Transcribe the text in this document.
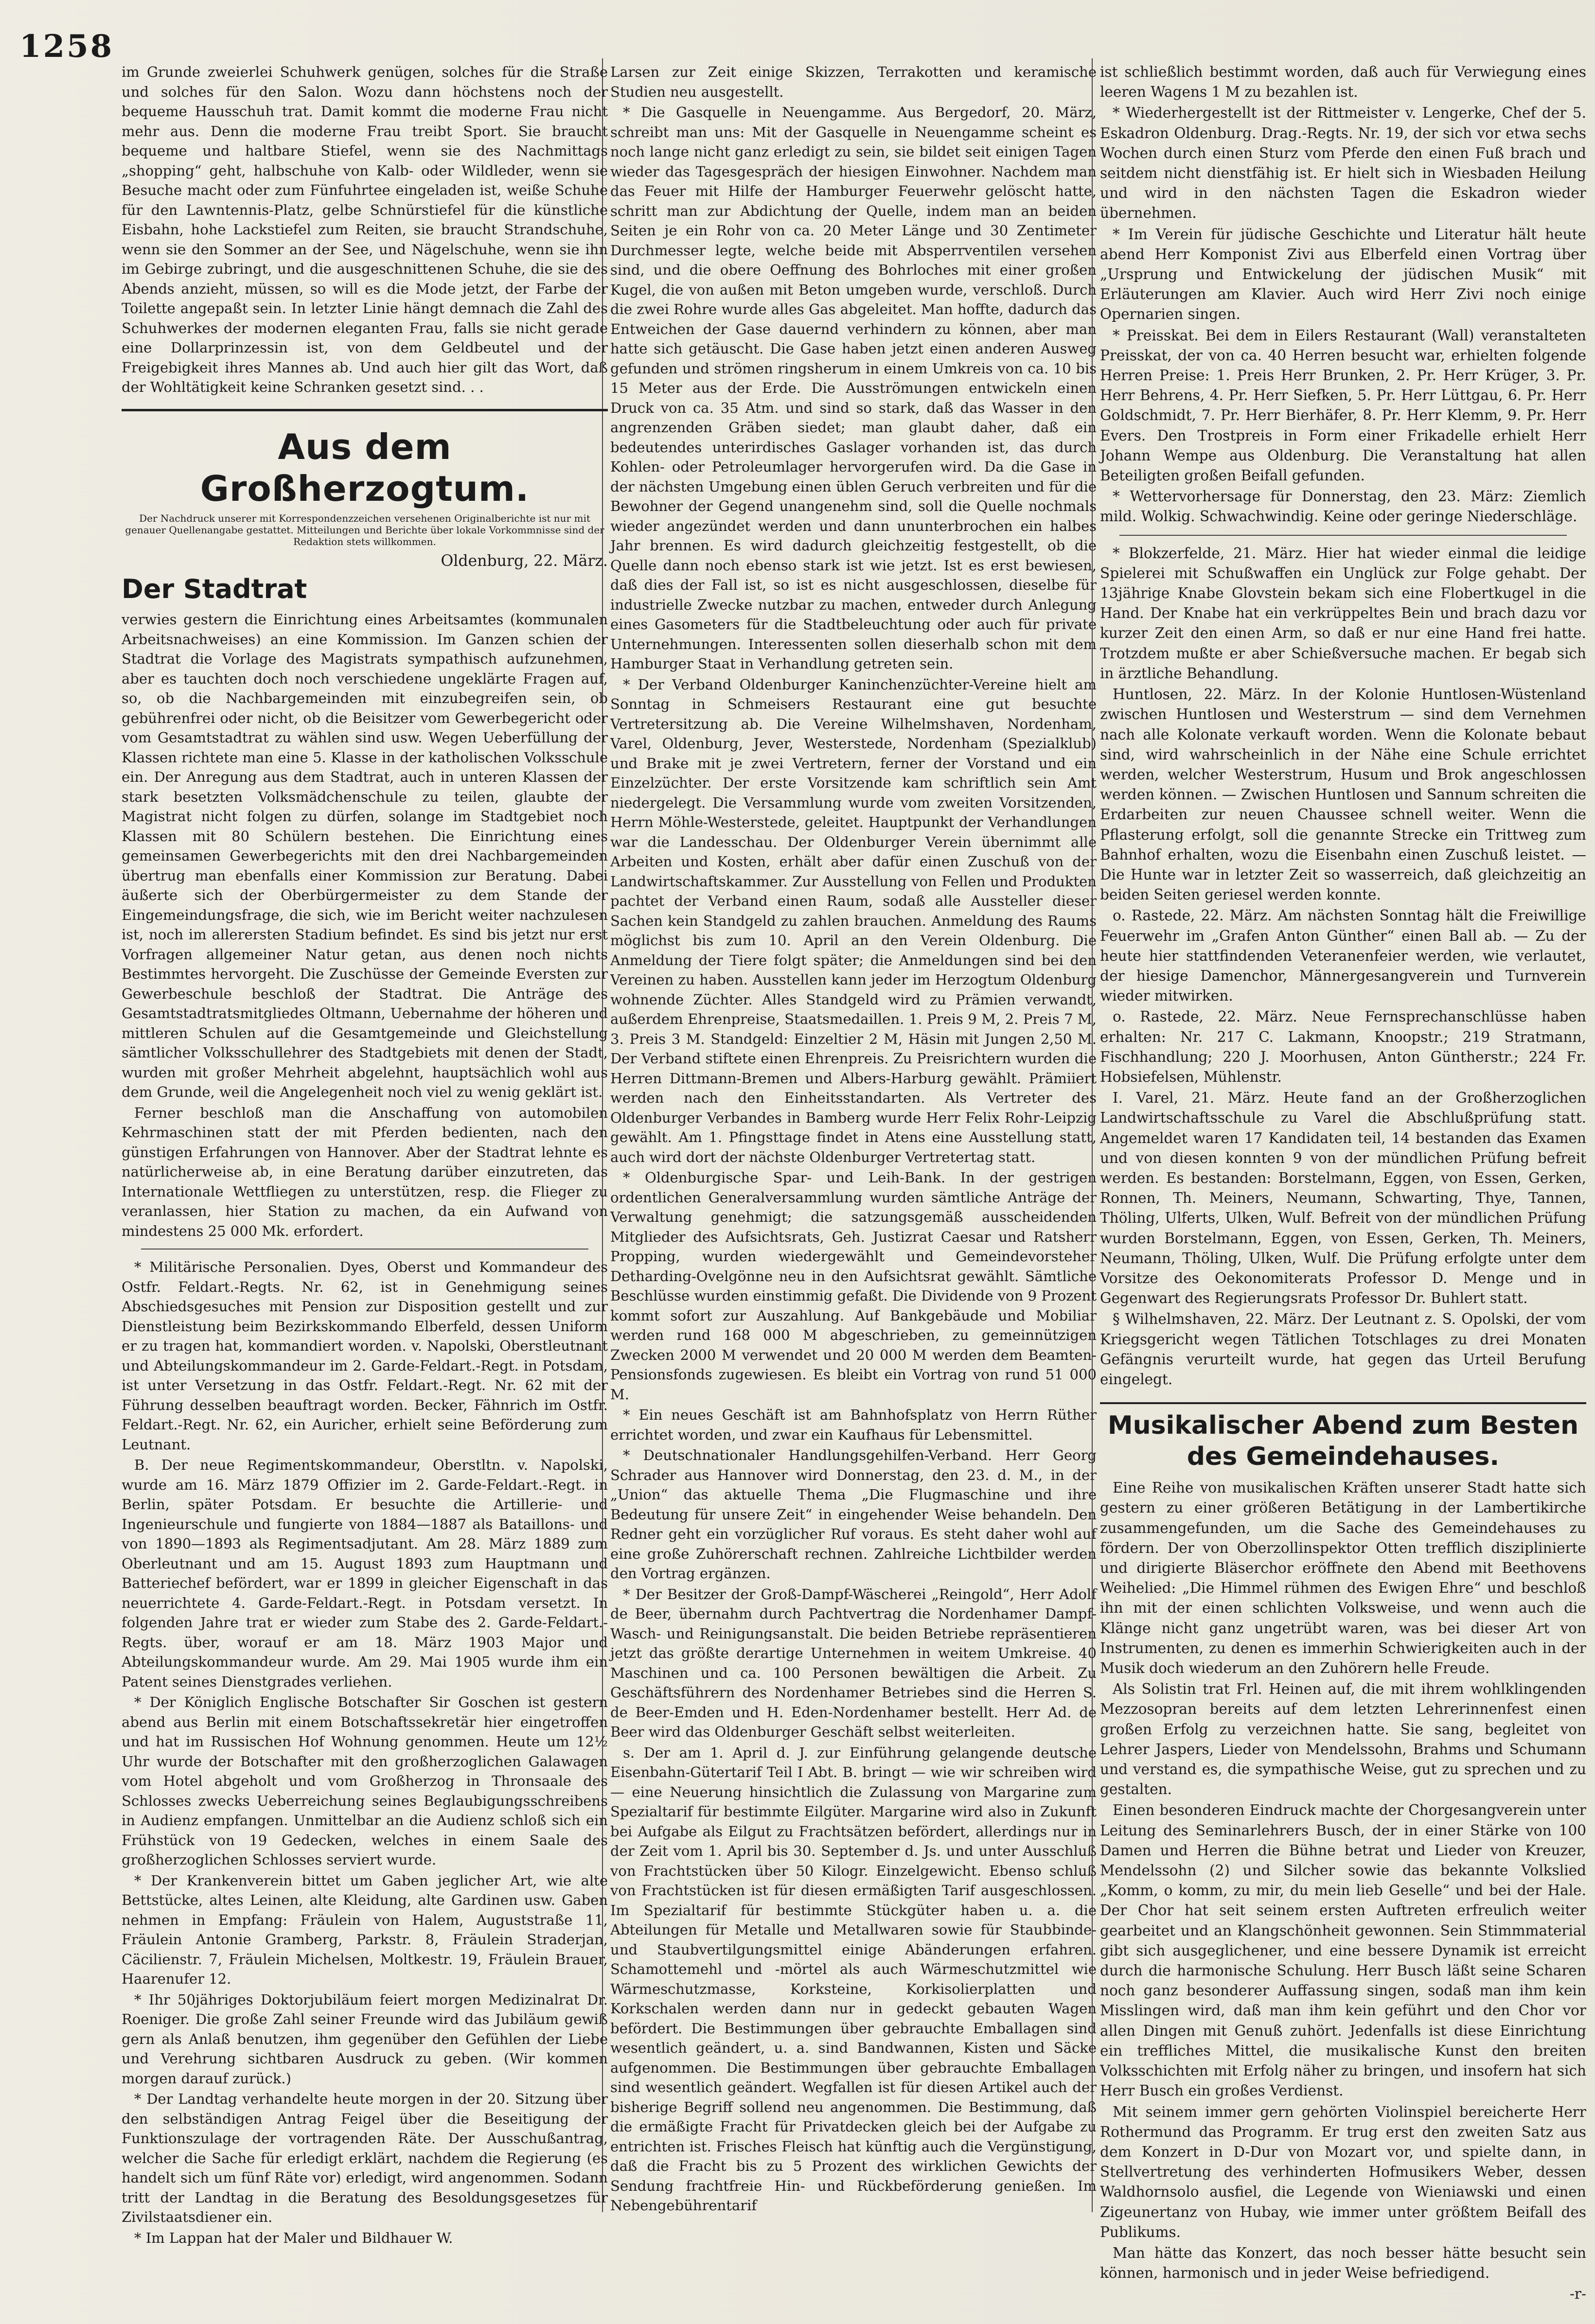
1258

im Grunde zweierlei Schuhwerk genügen, solches für die Straße und solches für den Salon. Wozu dann höchstens noch der bequeme Hausschuh trat. Damit kommt die moderne Frau nicht mehr aus. Denn die moderne Frau treibt Sport. Sie braucht bequeme und haltbare Stiefel, wenn sie des Nachmittags „shopping“ geht, halbschuhe von Kalb- oder Wildleder, wenn sie Besuche macht oder zum Fünfuhrtee eingeladen ist, weiße Schuhe für den Lawntennis-Platz, gelbe Schnürstiefel für die künstliche Eisbahn, hohe Lackstiefel zum Reiten, sie braucht Strandschuhe, wenn sie den Sommer an der See, und Nägelschuhe, wenn sie ihn im Gebirge zubringt, und die ausgeschnittenen Schuhe, die sie des Abends anzieht, müssen, so will es die Mode jetzt, der Farbe der Toilette angepaßt sein. In letzter Linie hängt demnach die Zahl des Schuhwerkes der modernen eleganten Frau, falls sie nicht gerade eine Dollarprinzessin ist, von dem Geldbeutel und der Freigebigkeit ihres Mannes ab. Und auch hier gilt das Wort, daß der Wohltätigkeit keine Schranken gesetzt sind. . .

Aus dem Großherzogtum.
Der Nachdruck unserer mit Korrespondenzzeichen versehenen Originalberichte ist nur mit genauer Quellenangabe gestattet. Mitteilungen und Berichte über lokale Vorkommnisse sind der Redaktion stets willkommen.
Oldenburg, 22. März.
Der Stadtrat

verwies gestern die Einrichtung eines Arbeitsamtes (kommunalen Arbeitsnachweises) an eine Kommission. Im Ganzen schien der Stadtrat die Vorlage des Magistrats sympathisch aufzunehmen, aber es tauchten doch noch verschiedene ungeklärte Fragen auf, so, ob die Nachbargemeinden mit einzubegreifen sein, ob gebührenfrei oder nicht, ob die Beisitzer vom Gewerbegericht oder vom Gesamtstadtrat zu wählen sind usw. Wegen Ueberfüllung der Klassen richtete man eine 5. Klasse in der katholischen Volksschule ein. Der Anregung aus dem Stadtrat, auch in unteren Klassen der stark besetzten Volksmädchenschule zu teilen, glaubte der Magistrat nicht folgen zu dürfen, solange im Stadtgebiet noch Klassen mit 80 Schülern bestehen. Die Einrichtung eines gemeinsamen Gewerbegerichts mit den drei Nachbargemeinden übertrug man ebenfalls einer Kommission zur Beratung. Dabei äußerte sich der Oberbürgermeister zu dem Stande der Eingemeindungsfrage, die sich, wie im Bericht weiter nachzulesen ist, noch im allerersten Stadium befindet. Es sind bis jetzt nur erst Vorfragen allgemeiner Natur getan, aus denen noch nichts Bestimmtes hervorgeht. Die Zuschüsse der Gemeinde Eversten zur Gewerbeschule beschloß der Stadtrat. Die Anträge des Gesamtstadtratsmitgliedes Oltmann, Uebernahme der höheren und mittleren Schulen auf die Gesamtgemeinde und Gleichstellung sämtlicher Volksschullehrer des Stadtgebiets mit denen der Stadt, wurden mit großer Mehrheit abgelehnt, hauptsächlich wohl aus dem Grunde, weil die Angelegenheit noch viel zu wenig geklärt ist.

Ferner beschloß man die Anschaffung von automobilen Kehrmaschinen statt der mit Pferden bedienten, nach den günstigen Erfahrungen von Hannover. Aber der Stadtrat lehnte es natürlicherweise ab, in eine Beratung darüber einzutreten, das Internationale Wettfliegen zu unterstützen, resp. die Flieger zu veranlassen, hier Station zu machen, da ein Aufwand von mindestens 25 000 Mk. erfordert.

* Militärische Personalien. Dyes, Oberst und Kommandeur des Ostfr. Feldart.-Regts. Nr. 62, ist in Genehmigung seines Abschiedsgesuches mit Pension zur Disposition gestellt und zur Dienstleistung beim Bezirkskommando Elberfeld, dessen Uniform er zu tragen hat, kommandiert worden. v. Napolski, Oberstleutnant und Abteilungskommandeur im 2. Garde-Feldart.-Regt. in Potsdam, ist unter Versetzung in das Ostfr. Feldart.-Regt. Nr. 62 mit der Führung desselben beauftragt worden. Becker, Fähnrich im Ostfr. Feldart.-Regt. Nr. 62, ein Auricher, erhielt seine Beförderung zum Leutnant.

B. Der neue Regimentskommandeur, Oberstltn. v. Napolski, wurde am 16. März 1879 Offizier im 2. Garde-Feldart.-Regt. in Berlin, später Potsdam. Er besuchte die Artillerie- und Ingenieurschule und fungierte von 1884—1887 als Bataillons- und von 1890—1893 als Regimentsadjutant. Am 28. März 1889 zum Oberleutnant und am 15. August 1893 zum Hauptmann und Batteriechef befördert, war er 1899 in gleicher Eigenschaft in das neuerrichtete 4. Garde-Feldart.-Regt. in Potsdam versetzt. In folgenden Jahre trat er wieder zum Stabe des 2. Garde-Feldart.-Regts. über, worauf er am 18. März 1903 Major und Abteilungskommandeur wurde. Am 29. Mai 1905 wurde ihm ein Patent seines Dienstgrades verliehen.

* Der Königlich Englische Botschafter Sir Goschen ist gestern abend aus Berlin mit einem Botschaftssekretär hier eingetroffen und hat im Russischen Hof Wohnung genommen. Heute um 12½ Uhr wurde der Botschafter mit den großherzoglichen Galawagen vom Hotel abgeholt und vom Großherzog in Thronsaale des Schlosses zwecks Ueberreichung seines Beglaubigungsschreibens in Audienz empfangen. Unmittelbar an die Audienz schloß sich ein Frühstück von 19 Gedecken, welches in einem Saale des großherzoglichen Schlosses serviert wurde.

* Der Krankenverein bittet um Gaben jeglicher Art, wie alte Bettstücke, altes Leinen, alte Kleidung, alte Gardinen usw. Gaben nehmen in Empfang: Fräulein von Halem, Auguststraße 11, Fräulein Antonie Gramberg, Parkstr. 8, Fräulein Straderjan, Cäcilienstr. 7, Fräulein Michelsen, Moltkestr. 19, Fräulein Brauer, Haarenufer 12.

* Ihr 50jähriges Doktorjubiläum feiert morgen Medizinalrat Dr. Roeniger. Die große Zahl seiner Freunde wird das Jubiläum gewiß gern als Anlaß benutzen, ihm gegenüber den Gefühlen der Liebe und Verehrung sichtbaren Ausdruck zu geben. (Wir kommen morgen darauf zurück.)

* Der Landtag verhandelte heute morgen in der 20. Sitzung über den selbständigen Antrag Feigel über die Beseitigung der Funktionszulage der vortragenden Räte. Der Ausschußantrag, welcher die Sache für erledigt erklärt, nachdem die Regierung (es handelt sich um fünf Räte vor) erledigt, wird angenommen. Sodann tritt der Landtag in die Beratung des Besoldungsgesetzes für Zivilstaatsdiener ein.

* Im Lappan hat der Maler und Bildhauer W.

Larsen zur Zeit einige Skizzen, Terrakotten und keramische Studien neu ausgestellt.

* Die Gasquelle in Neuengamme. Aus Bergedorf, 20. März, schreibt man uns: Mit der Gasquelle in Neuengamme scheint es noch lange nicht ganz erledigt zu sein, sie bildet seit einigen Tagen wieder das Tagesgespräch der hiesigen Einwohner. Nachdem man das Feuer mit Hilfe der Hamburger Feuerwehr gelöscht hatte, schritt man zur Abdichtung der Quelle, indem man an beiden Seiten je ein Rohr von ca. 20 Meter Länge und 30 Zentimeter Durchmesser legte, welche beide mit Absperrventilen versehen sind, und die obere Oeffnung des Bohrloches mit einer großen Kugel, die von außen mit Beton umgeben wurde, verschloß. Durch die zwei Rohre wurde alles Gas abgeleitet. Man hoffte, dadurch das Entweichen der Gase dauernd verhindern zu können, aber man hatte sich getäuscht. Die Gase haben jetzt einen anderen Ausweg gefunden und strömen ringsherum in einem Umkreis von ca. 10 bis 15 Meter aus der Erde. Die Ausströmungen entwickeln einen Druck von ca. 35 Atm. und sind so stark, daß das Wasser in den angrenzenden Gräben siedet; man glaubt daher, daß ein bedeutendes unterirdisches Gaslager vorhanden ist, das durch Kohlen- oder Petroleumlager hervorgerufen wird. Da die Gase in der nächsten Umgebung einen üblen Geruch verbreiten und für die Bewohner der Gegend unangenehm sind, soll die Quelle nochmals wieder angezündet werden und dann ununterbrochen ein halbes Jahr brennen. Es wird dadurch gleichzeitig festgestellt, ob die Quelle dann noch ebenso stark ist wie jetzt. Ist es erst bewiesen, daß dies der Fall ist, so ist es nicht ausgeschlossen, dieselbe für industrielle Zwecke nutzbar zu machen, entweder durch Anlegung eines Gasometers für die Stadtbeleuchtung oder auch für private Unternehmungen. Interessenten sollen dieserhalb schon mit dem Hamburger Staat in Verhandlung getreten sein.

* Der Verband Oldenburger Kaninchenzüchter-Vereine hielt am Sonntag in Schmeisers Restaurant eine gut besuchte Vertretersitzung ab. Die Vereine Wilhelmshaven, Nordenham, Varel, Oldenburg, Jever, Westerstede, Nordenham (Spezialklub) und Brake mit je zwei Vertretern, ferner der Vorstand und ein Einzelzüchter. Der erste Vorsitzende kam schriftlich sein Amt niedergelegt. Die Versammlung wurde vom zweiten Vorsitzenden, Herrn Möhle-Westerstede, geleitet. Hauptpunkt der Verhandlungen war die Landesschau. Der Oldenburger Verein übernimmt alle Arbeiten und Kosten, erhält aber dafür einen Zuschuß von der Landwirtschaftskammer. Zur Ausstellung von Fellen und Produkten pachtet der Verband einen Raum, sodaß alle Aussteller dieser Sachen kein Standgeld zu zahlen brauchen. Anmeldung des Raums möglichst bis zum 10. April an den Verein Oldenburg. Die Anmeldung der Tiere folgt später; die Anmeldungen sind bei den Vereinen zu haben. Ausstellen kann jeder im Herzogtum Oldenburg wohnende Züchter. Alles Standgeld wird zu Prämien verwandt, außerdem Ehrenpreise, Staatsmedaillen. 1. Preis 9 M, 2. Preis 7 M, 3. Preis 3 M. Standgeld: Einzeltier 2 M, Häsin mit Jungen 2,50 M. Der Verband stiftete einen Ehrenpreis. Zu Preisrichtern wurden die Herren Dittmann-Bremen und Albers-Harburg gewählt. Prämiiert werden nach den Einheitsstandarten. Als Vertreter des Oldenburger Verbandes in Bamberg wurde Herr Felix Rohr-Leipzig gewählt. Am 1. Pfingsttage findet in Atens eine Ausstellung statt, auch wird dort der nächste Oldenburger Vertretertag statt.

* Oldenburgische Spar- und Leih-Bank. In der gestrigen ordentlichen Generalversammlung wurden sämtliche Anträge der Verwaltung genehmigt; die satzungsgemäß ausscheidenden Mitglieder des Aufsichtsrats, Geh. Justizrat Caesar und Ratsherr Propping, wurden wiedergewählt und Gemeindevorsteher Detharding-Ovelgönne neu in den Aufsichtsrat gewählt. Sämtliche Beschlüsse wurden einstimmig gefaßt. Die Dividende von 9 Prozent kommt sofort zur Auszahlung. Auf Bankgebäude und Mobiliar werden rund 168 000 M abgeschrieben, zu gemeinnützigen Zwecken 2000 M verwendet und 20 000 M werden dem Beamten-Pensionsfonds zugewiesen. Es bleibt ein Vortrag von rund 51 000 M.

* Ein neues Geschäft ist am Bahnhofsplatz von Herrn Rüther errichtet worden, und zwar ein Kaufhaus für Lebensmittel.

* Deutschnationaler Handlungsgehilfen-Verband. Herr Georg Schrader aus Hannover wird Donnerstag, den 23. d. M., in der „Union“ das aktuelle Thema „Die Flugmaschine und ihre Bedeutung für unsere Zeit“ in eingehender Weise behandeln. Den Redner geht ein vorzüglicher Ruf voraus. Es steht daher wohl auf eine große Zuhörerschaft rechnen. Zahlreiche Lichtbilder werden den Vortrag ergänzen.

* Der Besitzer der Groß-Dampf-Wäscherei „Reingold“, Herr Adolf de Beer, übernahm durch Pachtvertrag die Nordenhamer Dampf-Wasch- und Reinigungsanstalt. Die beiden Betriebe repräsentieren jetzt das größte derartige Unternehmen in weitem Umkreise. 40 Maschinen und ca. 100 Personen bewältigen die Arbeit. Zu Geschäftsführern des Nordenhamer Betriebes sind die Herren S. de Beer-Emden und H. Eden-Nordenhamer bestellt. Herr Ad. de Beer wird das Oldenburger Geschäft selbst weiterleiten.

s. Der am 1. April d. J. zur Einführung gelangende deutsche Eisenbahn-Gütertarif Teil I Abt. B. bringt — wie wir schreiben wird — eine Neuerung hinsichtlich die Zulassung von Margarine zum Spezialtarif für bestimmte Eilgüter. Margarine wird also in Zukunft bei Aufgabe als Eilgut zu Frachtsätzen befördert, allerdings nur in der Zeit vom 1. April bis 30. September d. Js. und unter Ausschluß von Frachtstücken über 50 Kilogr. Einzelgewicht. Ebenso schluß von Frachtstücken ist für diesen ermäßigten Tarif ausgeschlossen. Im Spezialtarif für bestimmte Stückgüter haben u. a. die Abteilungen für Metalle und Metallwaren sowie für Staubbinde- und Staubvertilgungsmittel einige Abänderungen erfahren. Schamottemehl und -mörtel als auch Wärmeschutzmittel wie Wärmeschutzmasse, Korksteine, Korkisolierplatten und Korkschalen werden dann nur in gedeckt gebauten Wagen befördert. Die Bestimmungen über gebrauchte Emballagen sind wesentlich geändert, u. a. sind Bandwannen, Kisten und Säcke aufgenommen. Die Bestimmungen über gebrauchte Emballagen sind wesentlich geändert. Wegfallen ist für diesen Artikel auch der bisherige Begriff sollend neu angenommen. Die Bestimmung, daß die ermäßigte Fracht für Privatdecken gleich bei der Aufgabe zu entrichten ist. Frisches Fleisch hat künftig auch die Vergünstigung, daß die Fracht bis zu 5 Prozent des wirklichen Gewichts der Sendung frachtfreie Hin- und Rückbeförderung genießen. Im Nebengebührentarif

ist schließlich bestimmt worden, daß auch für Verwiegung eines leeren Wagens 1 M zu bezahlen ist.

* Wiederhergestellt ist der Rittmeister v. Lengerke, Chef der 5. Eskadron Oldenburg. Drag.-Regts. Nr. 19, der sich vor etwa sechs Wochen durch einen Sturz vom Pferde den einen Fuß brach und seitdem nicht dienstfähig ist. Er hielt sich in Wiesbaden Heilung und wird in den nächsten Tagen die Eskadron wieder übernehmen.

* Im Verein für jüdische Geschichte und Literatur hält heute abend Herr Komponist Zivi aus Elberfeld einen Vortrag über „Ursprung und Entwickelung der jüdischen Musik“ mit Erläuterungen am Klavier. Auch wird Herr Zivi noch einige Opernarien singen.

* Preisskat. Bei dem in Eilers Restaurant (Wall) veranstalteten Preisskat, der von ca. 40 Herren besucht war, erhielten folgende Herren Preise: 1. Preis Herr Brunken, 2. Pr. Herr Krüger, 3. Pr. Herr Behrens, 4. Pr. Herr Siefken, 5. Pr. Herr Lüttgau, 6. Pr. Herr Goldschmidt, 7. Pr. Herr Bierhäfer, 8. Pr. Herr Klemm, 9. Pr. Herr Evers. Den Trostpreis in Form einer Frikadelle erhielt Herr Johann Wempe aus Oldenburg. Die Veranstaltung hat allen Beteiligten großen Beifall gefunden.

* Wettervorhersage für Donnerstag, den 23. März: Ziemlich mild. Wolkig. Schwachwindig. Keine oder geringe Niederschläge.

* Blokzerfelde, 21. März. Hier hat wieder einmal die leidige Spielerei mit Schußwaffen ein Unglück zur Folge gehabt. Der 13jährige Knabe Glovstein bekam sich eine Flobertkugel in die Hand. Der Knabe hat ein verkrüppeltes Bein und brach dazu vor kurzer Zeit den einen Arm, so daß er nur eine Hand frei hatte. Trotzdem mußte er aber Schießversuche machen. Er begab sich in ärztliche Behandlung.

Huntlosen, 22. März. In der Kolonie Huntlosen-Wüstenland zwischen Huntlosen und Westerstrum — sind dem Vernehmen nach alle Kolonate verkauft worden. Wenn die Kolonate bebaut sind, wird wahrscheinlich in der Nähe eine Schule errichtet werden, welcher Westerstrum, Husum und Brok angeschlossen werden können. — Zwischen Huntlosen und Sannum schreiten die Erdarbeiten zur neuen Chaussee schnell weiter. Wenn die Pflasterung erfolgt, soll die genannte Strecke ein Trittweg zum Bahnhof erhalten, wozu die Eisenbahn einen Zuschuß leistet. — Die Hunte war in letzter Zeit so wasserreich, daß gleichzeitig an beiden Seiten geriesel werden konnte.

o. Rastede, 22. März. Am nächsten Sonntag hält die Freiwillige Feuerwehr im „Grafen Anton Günther“ einen Ball ab. — Zu der heute hier stattfindenden Veteranenfeier werden, wie verlautet, der hiesige Damenchor, Männergesangverein und Turnverein wieder mitwirken.

o. Rastede, 22. März. Neue Fernsprechanschlüsse haben erhalten: Nr. 217 C. Lakmann, Knoopstr.; 219 Stratmann, Fischhandlung; 220 J. Moorhusen, Anton Güntherstr.; 224 Fr. Hobsiefelsen, Mühlenstr.

I. Varel, 21. März. Heute fand an der Großherzoglichen Landwirtschaftsschule zu Varel die Abschlußprüfung statt. Angemeldet waren 17 Kandidaten teil, 14 bestanden das Examen und von diesen konnten 9 von der mündlichen Prüfung befreit werden. Es bestanden: Borstelmann, Eggen, von Essen, Gerken, Ronnen, Th. Meiners, Neumann, Schwarting, Thye, Tannen, Thöling, Ulferts, Ulken, Wulf. Befreit von der mündlichen Prüfung wurden Borstelmann, Eggen, von Essen, Gerken, Th. Meiners, Neumann, Thöling, Ulken, Wulf. Die Prüfung erfolgte unter dem Vorsitze des Oekonomiterats Professor D. Menge und in Gegenwart des Regierungsrats Professor Dr. Buhlert statt.

§ Wilhelmshaven, 22. März. Der Leutnant z. S. Opolski, der vom Kriegsgericht wegen Tätlichen Totschlages zu drei Monaten Gefängnis verurteilt wurde, hat gegen das Urteil Berufung eingelegt.

Musikalischer Abend zum Besten des Gemeindehauses.

Eine Reihe von musikalischen Kräften unserer Stadt hatte sich gestern zu einer größeren Betätigung in der Lambertikirche zusammengefunden, um die Sache des Gemeindehauses zu fördern. Der von Oberzollinspektor Otten trefflich disziplinierte und dirigierte Bläserchor eröffnete den Abend mit Beethovens Weihelied: „Die Himmel rühmen des Ewigen Ehre“ und beschloß ihn mit der einen schlichten Volksweise, und wenn auch die Klänge nicht ganz ungetrübt waren, was bei dieser Art von Instrumenten, zu denen es immerhin Schwierigkeiten auch in der Musik doch wiederum an den Zuhörern helle Freude.

Als Solistin trat Frl. Heinen auf, die mit ihrem wohlklingenden Mezzosopran bereits auf dem letzten Lehrerinnenfest einen großen Erfolg zu verzeichnen hatte. Sie sang, begleitet von Lehrer Jaspers, Lieder von Mendelssohn, Brahms und Schumann und verstand es, die sympathische Weise, gut zu sprechen und zu gestalten.

Einen besonderen Eindruck machte der Chorgesangverein unter Leitung des Seminarlehrers Busch, der in einer Stärke von 100 Damen und Herren die Bühne betrat und Lieder von Kreuzer, Mendelssohn (2) und Silcher sowie das bekannte Volkslied „Komm, o komm, zu mir, du mein lieb Geselle“ und bei der Hale. Der Chor hat seit seinem ersten Auftreten erfreulich weiter gearbeitet und an Klangschönheit gewonnen. Sein Stimmmaterial gibt sich ausgeglichener, und eine bessere Dynamik ist erreicht durch die harmonische Schulung. Herr Busch läßt seine Scharen noch ganz besonderer Auffassung singen, sodaß man ihm kein Misslingen wird, daß man ihm kein geführt und den Chor vor allen Dingen mit Genuß zuhört. Jedenfalls ist diese Einrichtung ein treffliches Mittel, die musikalische Kunst den breiten Volksschichten mit Erfolg näher zu bringen, und insofern hat sich Herr Busch ein großes Verdienst.

Mit seinem immer gern gehörten Violinspiel bereicherte Herr Rothermund das Programm. Er trug erst den zweiten Satz aus dem Konzert in D-Dur von Mozart vor, und spielte dann, in Stellvertretung des verhinderten Hofmusikers Weber, dessen Waldhornsolo ausfiel, die Legende von Wieniawski und einen Zigeunertanz von Hubay, wie immer unter größtem Beifall des Publikums.

Man hätte das Konzert, das noch besser hätte besucht sein können, harmonisch und in jeder Weise befriedigend.

-r-
